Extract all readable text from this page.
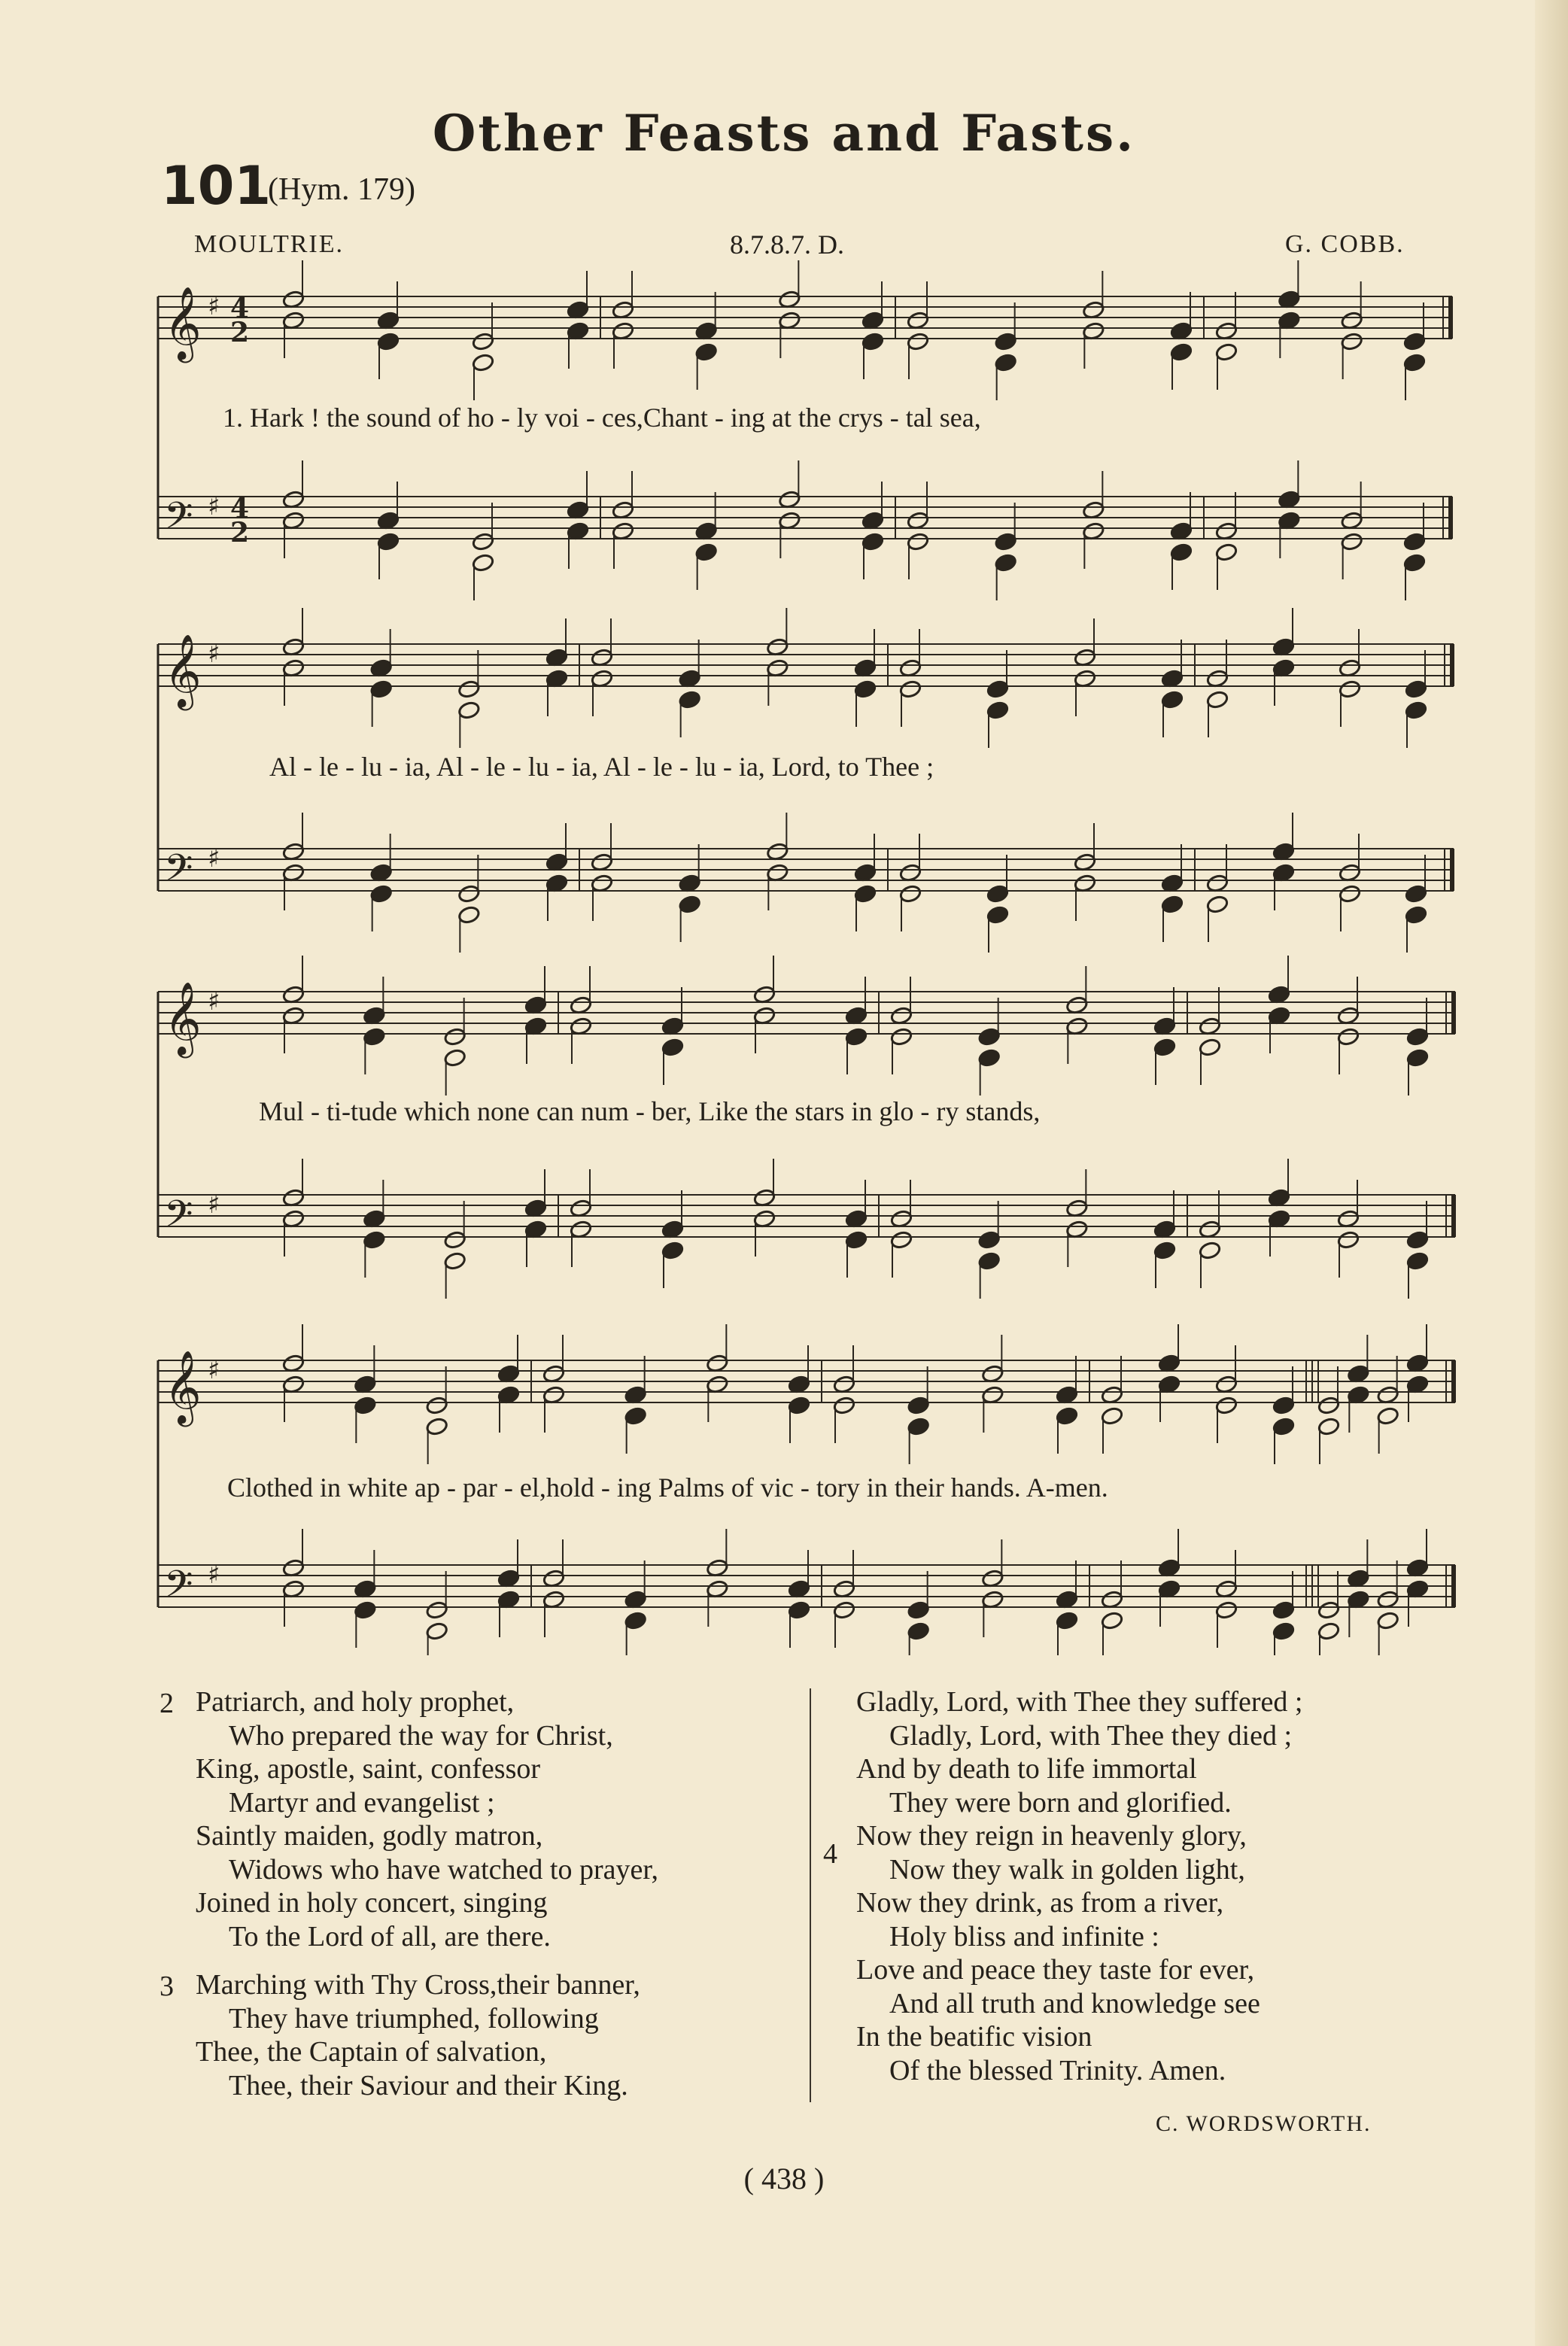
Other Feasts and Fasts.
101
(Hym. 179)
MOULTRIE.	8.7.8.7. D.	G. COBB.
𝄞 ♯ 4
2
𝄢 ♯ 4
2
𝄞 ♯
𝄢 ♯
𝄞 ♯
𝄢 ♯
𝄞 ♯
𝄢 ♯
1. Hark ! the sound of ho - ly voi - ces,Chant - ing at the crys - tal sea,
Al - le - lu - ia, Al - le - lu - ia, Al - le - lu - ia, Lord, to Thee ;
Mul - ti-tude which none can num - ber, Like the stars in glo - ry stands,
Clothed in white ap - par - el,hold - ing Palms of vic - tory in their hands. A-men.
2 Patriarch, and holy prophet,
Who prepared the way for Christ,
King, apostle, saint, confessor
Martyr and evangelist ;
Saintly maiden, godly matron,
Widows who have watched to prayer,
Joined in holy concert, singing
To the Lord of all, are there.
3 Marching with Thy Cross,their banner,
They have triumphed, following
Thee, the Captain of salvation,
Thee, their Saviour and their King.
Gladly, Lord, with Thee they suffered ;
Gladly, Lord, with Thee they died ;
And by death to life immortal
They were born and glorified.
4
Now they reign in heavenly glory,
Now they walk in golden light,
Now they drink, as from a river,
Holy bliss and infinite :
Love and peace they taste for ever,
And all truth and knowledge see
In the beatific vision
Of the blessed Trinity. Amen.
C. WORDSWORTH.
( 438 )
